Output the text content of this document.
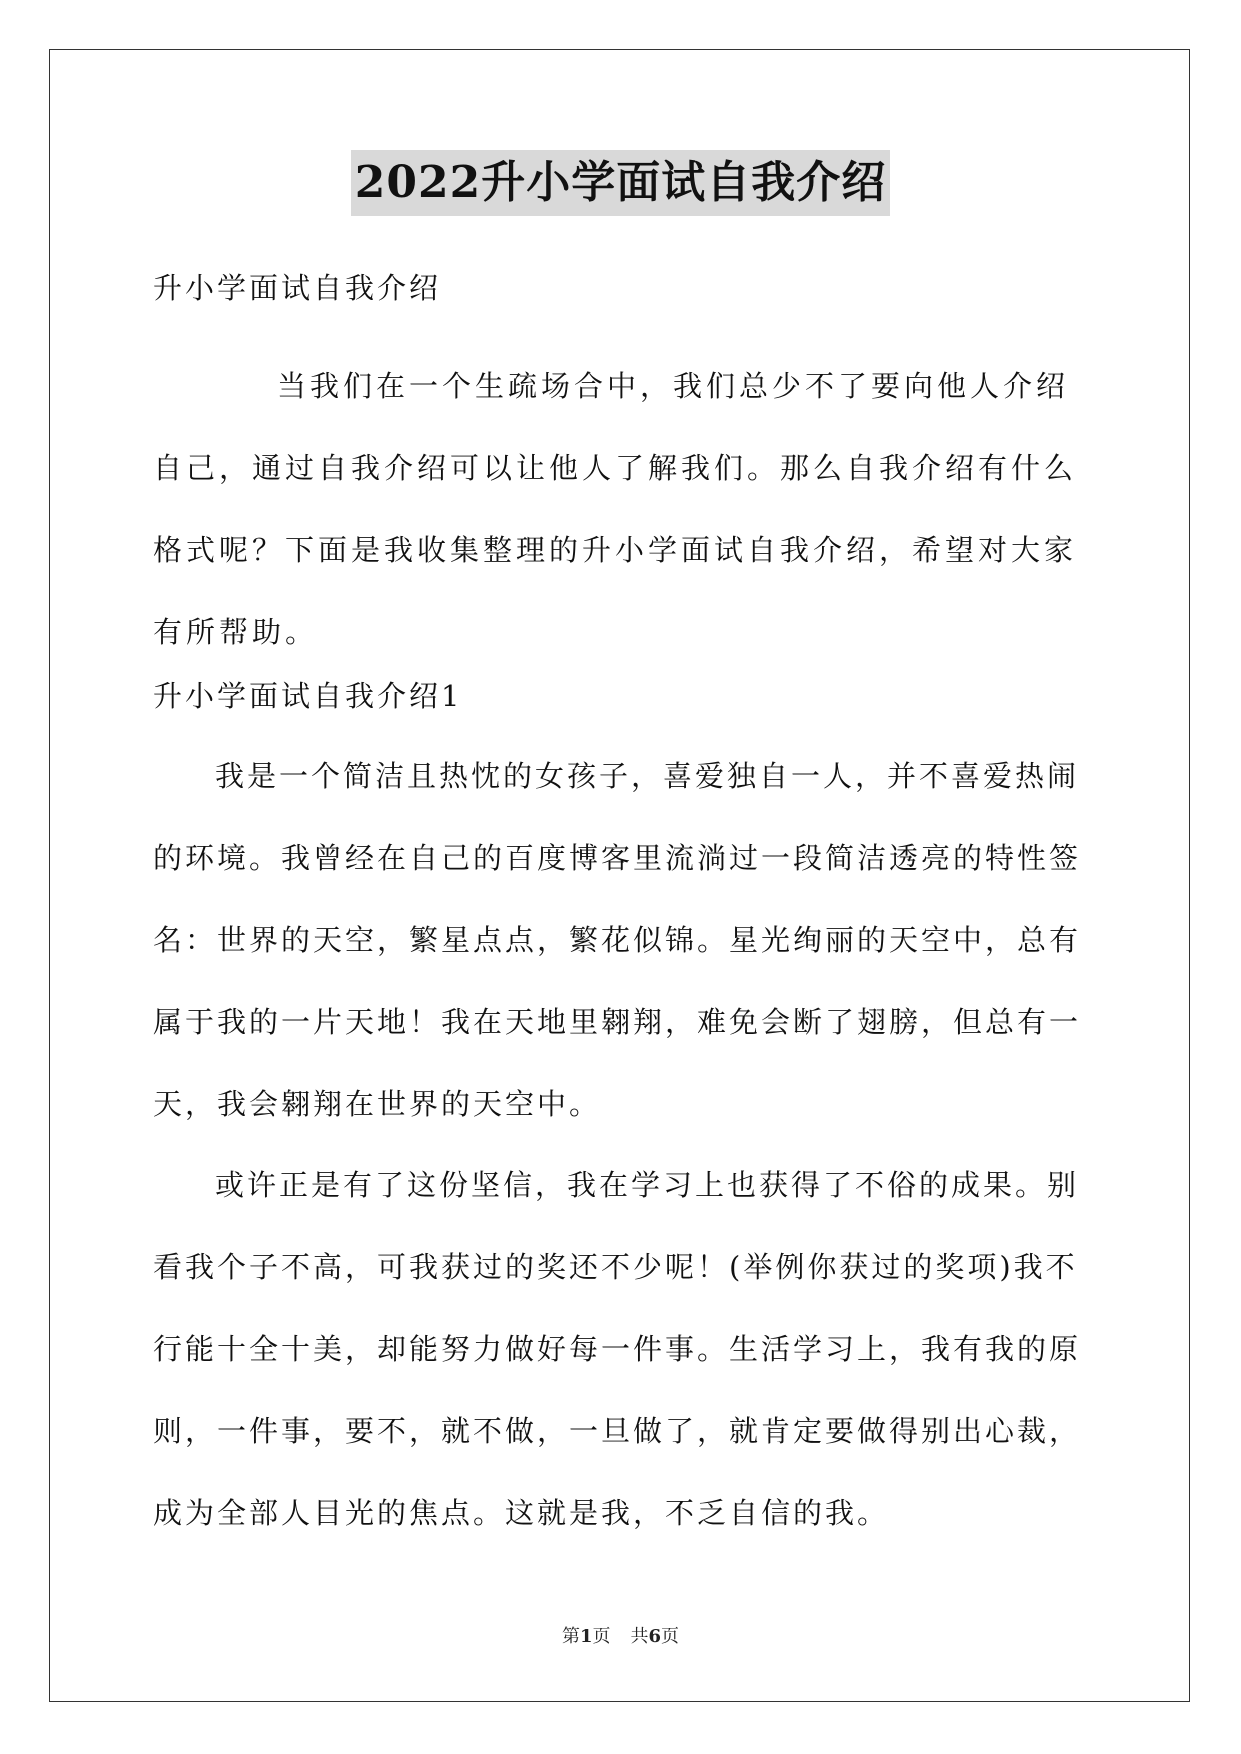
2022升小学面试自我介绍

升小学面试自我介绍

当我们在一个生疏场合中，我们总少不了要向他人介绍自己，通过自我介绍可以让他人了解我们。那么自我介绍有什么格式呢？下面是我收集整理的升小学面试自我介绍，希望对大家有所帮助。

升小学面试自我介绍1

我是一个简洁且热忱的女孩子，喜爱独自一人，并不喜爱热闹的环境。我曾经在自己的百度博客里流淌过一段简洁透亮的特性签名：世界的天空，繁星点点，繁花似锦。星光绚丽的天空中，总有属于我的一片天地！我在天地里翱翔，难免会断了翅膀，但总有一天，我会翱翔在世界的天空中。

或许正是有了这份坚信，我在学习上也获得了不俗的成果。别看我个子不高，可我获过的奖还不少呢！(举例你获过的奖项)我不行能十全十美，却能努力做好每一件事。生活学习上，我有我的原则，一件事，要不，就不做，一旦做了，就肯定要做得别出心裁，成为全部人目光的焦点。这就是我，不乏自信的我。

第1页 共6页
